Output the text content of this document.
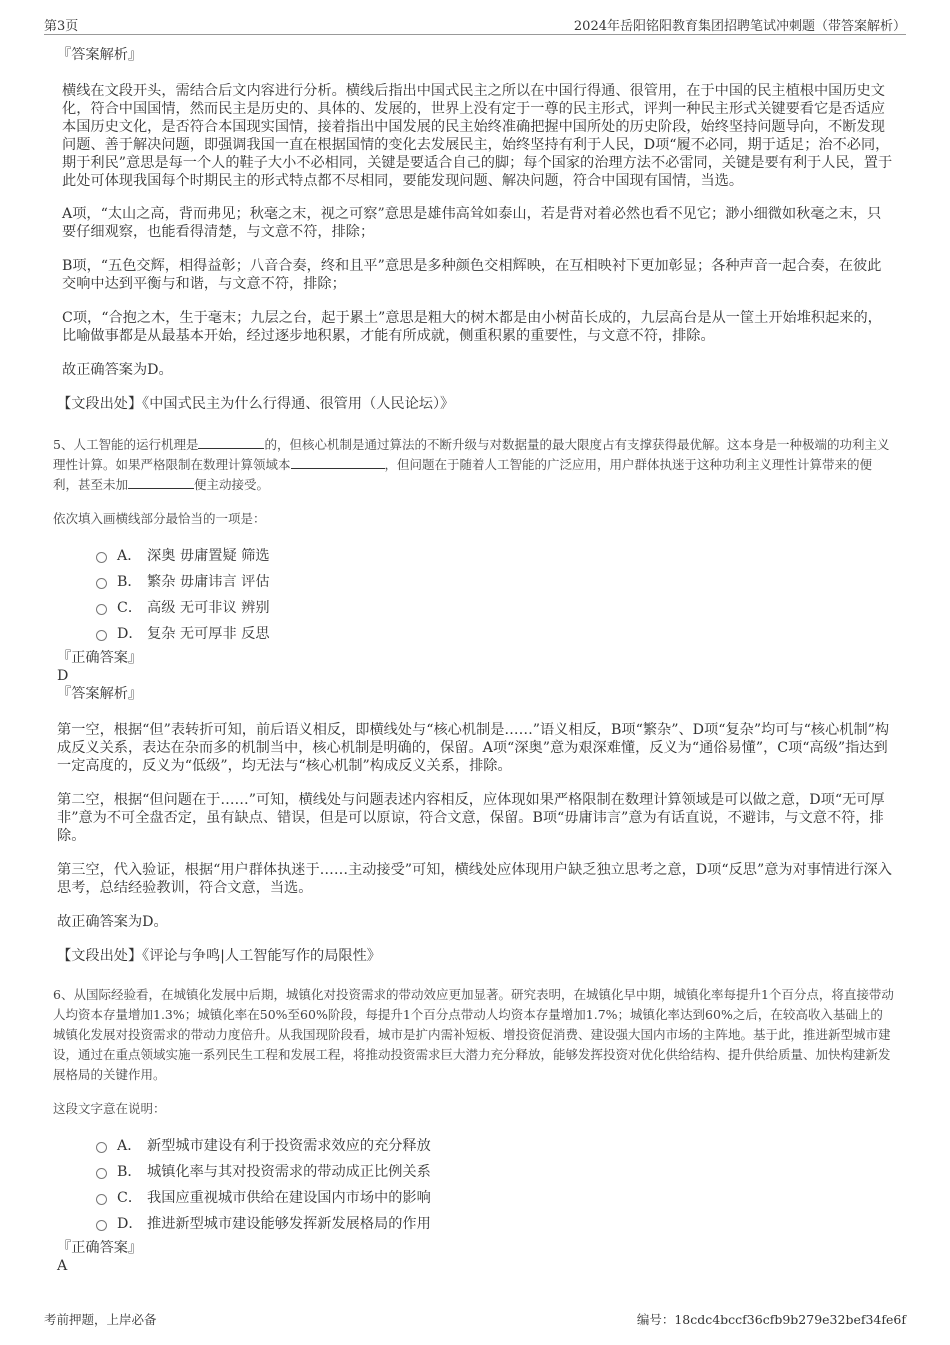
第3页	2024年岳阳铭阳教育集团招聘笔试冲刺题（带答案解析）
『答案解析』

横线在文段开头，需结合后文内容进行分析。横线后指出中国式民主之所以在中国行得通、很管用，在于中国的民主植根中国历史文化，符合中国国情，然而民主是历史的、具体的、发展的，世界上没有定于一尊的民主形式，评判一种民主形式关键要看它是否适应本国历史文化，是否符合本国现实国情，接着指出中国发展的民主始终准确把握中国所处的历史阶段，始终坚持问题导向，不断发现问题、善于解决问题，即强调我国一直在根据国情的变化去发展民主，始终坚持有利于人民，D项“履不必同，期于适足；治不必同，期于利民”意思是每一个人的鞋子大小不必相同，关键是要适合自己的脚；每个国家的治理方法不必雷同，关键是要有利于人民，置于此处可体现我国每个时期民主的形式特点都不尽相同，要能发现问题、解决问题，符合中国现有国情，当选。

A项，“太山之高，背而弗见；秋毫之末，视之可察”意思是雄伟高耸如泰山，若是背对着必然也看不见它；渺小细微如秋毫之末，只要仔细观察，也能看得清楚，与文意不符，排除；

B项，“五色交辉，相得益彰；八音合奏，终和且平”意思是多种颜色交相辉映，在互相映衬下更加彰显；各种声音一起合奏，在彼此交响中达到平衡与和谐，与文意不符，排除；

C项，“合抱之木，生于毫末；九层之台，起于累土”意思是粗大的树木都是由小树苗长成的，九层高台是从一筐土开始堆积起来的，比喻做事都是从最基本开始，经过逐步地积累，才能有所成就，侧重积累的重要性，与文意不符，排除。

故正确答案为D。

【文段出处】《中国式民主为什么行得通、很管用（人民论坛）》

5、人工智能的运行机理是	的，但核心机制是通过算法的不断升级与对数据量的最大限度占有支撑获得最优解。这本身是一种极端的功利主义理性计算。如果严格限制在数理计算领域本	，但问题在于随着人工智能的广泛应用，用户群体执迷于这种功利主义理性计算带来的便利，甚至未加	便主动接受。

依次填入画横线部分最恰当的一项是：

A． 深奥 毋庸置疑 筛选
B． 繁杂 毋庸讳言 评估
C． 高级 无可非议 辨别
D． 复杂 无可厚非 反思
『正确答案』
D
『答案解析』

第一空，根据“但”表转折可知，前后语义相反，即横线处与“核心机制是……”语义相反，B项“繁杂”、D项“复杂”均可与“核心机制”构成反义关系，表达在杂而多的机制当中，核心机制是明确的，保留。A项“深奥”意为艰深难懂，反义为“通俗易懂”，C项“高级”指达到一定高度的，反义为“低级”，均无法与“核心机制”构成反义关系，排除。

第二空，根据“但问题在于……”可知，横线处与问题表述内容相反，应体现如果严格限制在数理计算领域是可以做之意，D项“无可厚非”意为不可全盘否定，虽有缺点、错误，但是可以原谅，符合文意，保留。B项“毋庸讳言”意为有话直说，不避讳，与文意不符，排除。

第三空，代入验证，根据“用户群体执迷于……主动接受”可知，横线处应体现用户缺乏独立思考之意，D项“反思”意为对事情进行深入思考，总结经验教训，符合文意，当选。

故正确答案为D。

【文段出处】《评论与争鸣|人工智能写作的局限性》

6、从国际经验看，在城镇化发展中后期，城镇化对投资需求的带动效应更加显著。研究表明，在城镇化早中期，城镇化率每提升1个百分点，将直接带动人均资本存量增加1.3%；城镇化率在50%至60%阶段，每提升1个百分点带动人均资本存量增加1.7%；城镇化率达到60%之后，在较高收入基础上的城镇化发展对投资需求的带动力度倍升。从我国现阶段看，城市是扩内需补短板、增投资促消费、建设强大国内市场的主阵地。基于此，推进新型城市建设，通过在重点领域实施一系列民生工程和发展工程，将推动投资需求巨大潜力充分释放，能够发挥投资对优化供给结构、提升供给质量、加快构建新发展格局的关键作用。

这段文字意在说明：

A． 新型城市建设有利于投资需求效应的充分释放
B． 城镇化率与其对投资需求的带动成正比例关系
C． 我国应重视城市供给在建设国内市场中的影响
D． 推进新型城市建设能够发挥新发展格局的作用
『正确答案』
A
考前押题，上岸必备	编号：18cdc4bccf36cfb9b279e32bef34fe6f
